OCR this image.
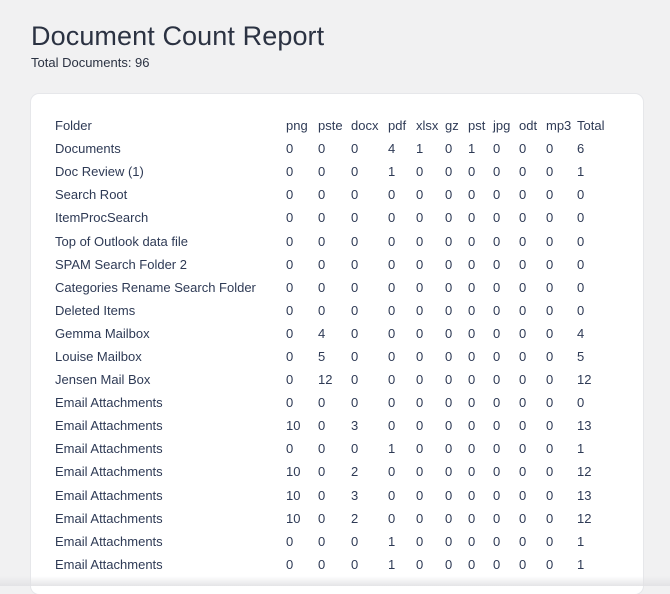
Document Count Report
Total Documents: 96
Folder	png	pste	docx	pdf	xlsx	gz	pst	jpg	odt	mp3	Total
Documents	0	0	0	4	1	0	1	0	0	0	6
Doc Review (1)	0	0	0	1	0	0	0	0	0	0	1
Search Root	0	0	0	0	0	0	0	0	0	0	0
ItemProcSearch	0	0	0	0	0	0	0	0	0	0	0
Top of Outlook data file	0	0	0	0	0	0	0	0	0	0	0
SPAM Search Folder 2	0	0	0	0	0	0	0	0	0	0	0
Categories Rename Search Folder	0	0	0	0	0	0	0	0	0	0	0
Deleted Items	0	0	0	0	0	0	0	0	0	0	0
Gemma Mailbox	0	4	0	0	0	0	0	0	0	0	4
Louise Mailbox	0	5	0	0	0	0	0	0	0	0	5
Jensen Mail Box	0	12	0	0	0	0	0	0	0	0	12
Email Attachments	0	0	0	0	0	0	0	0	0	0	0
Email Attachments	10	0	3	0	0	0	0	0	0	0	13
Email Attachments	0	0	0	1	0	0	0	0	0	0	1
Email Attachments	10	0	2	0	0	0	0	0	0	0	12
Email Attachments	10	0	3	0	0	0	0	0	0	0	13
Email Attachments	10	0	2	0	0	0	0	0	0	0	12
Email Attachments	0	0	0	1	0	0	0	0	0	0	1
Email Attachments	0	0	0	1	0	0	0	0	0	0	1
